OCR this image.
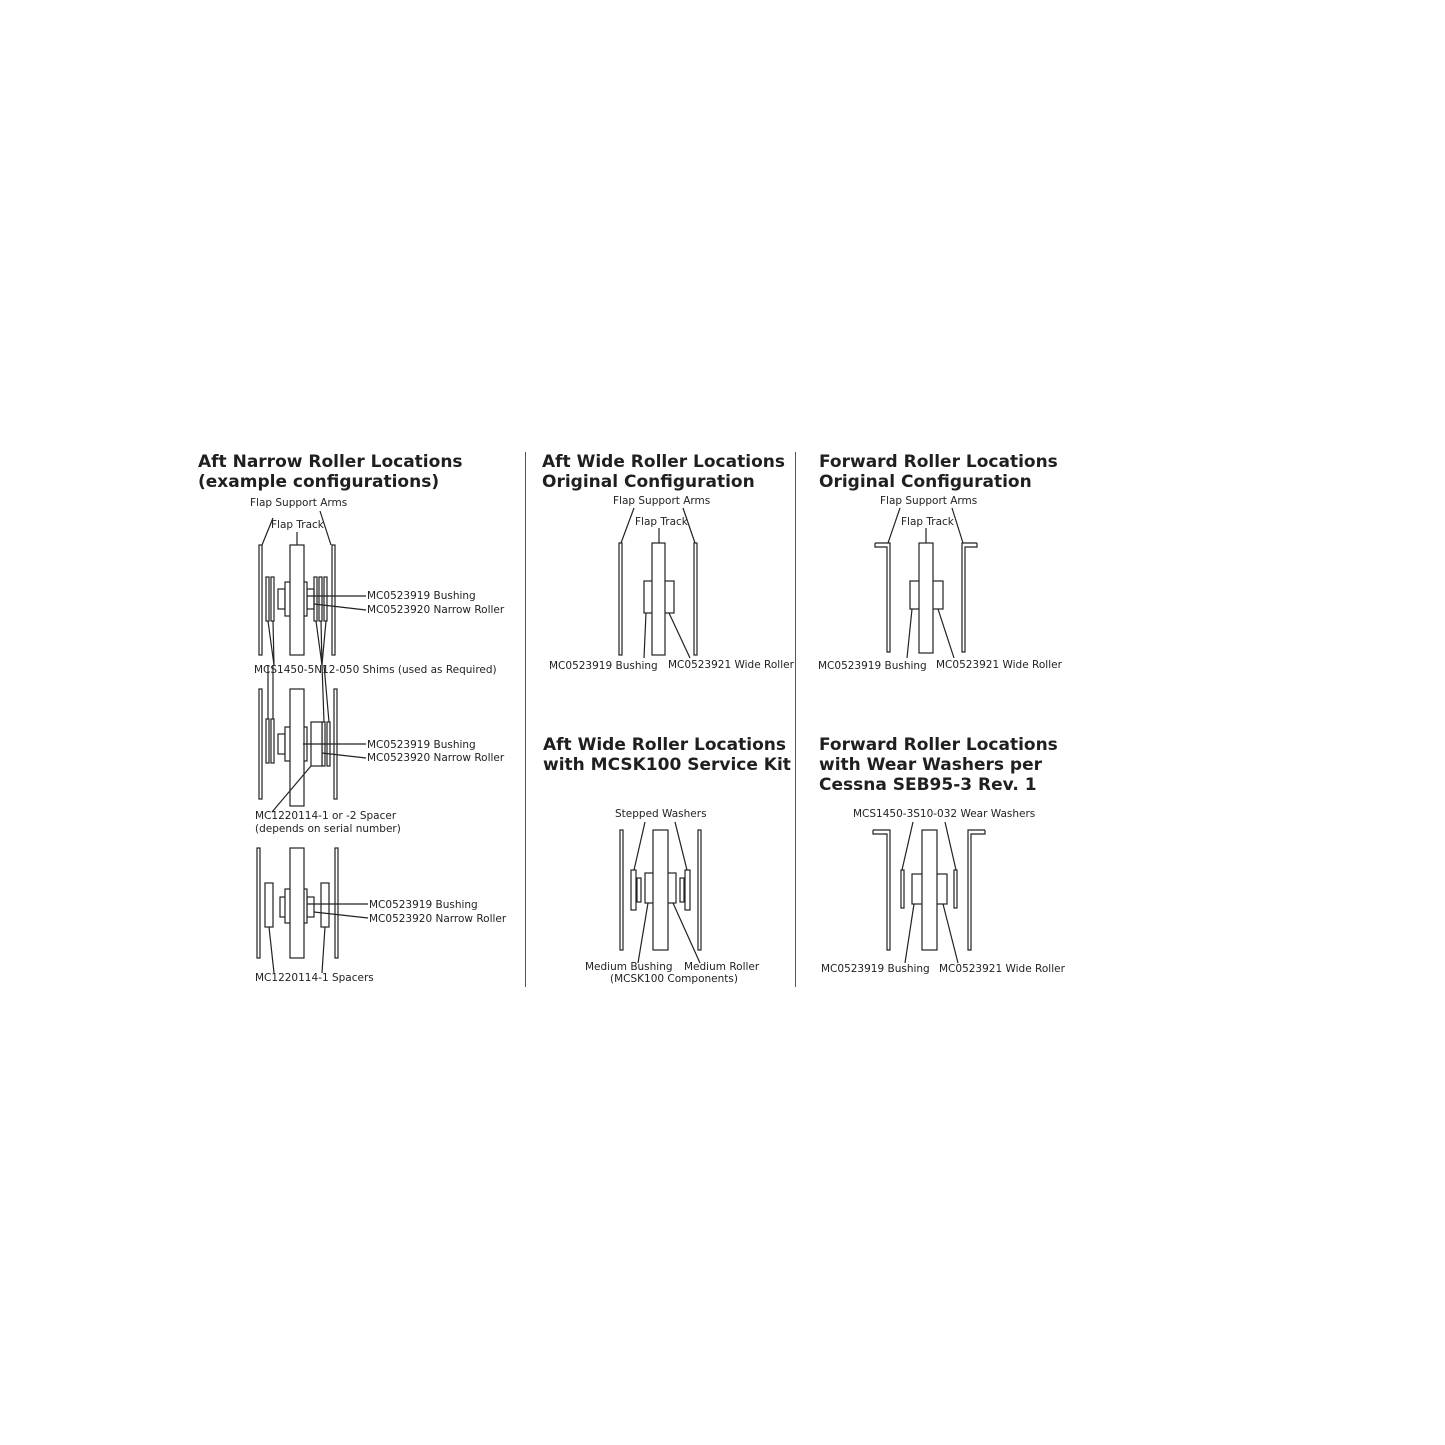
Aft Narrow Roller Locations
(example configurations)
Aft Wide Roller Locations
Original Configuration
Forward Roller Locations
Original Configuration
Aft Wide Roller Locations
with MCSK100 Service Kit
Forward Roller Locations
with Wear Washers per
Cessna SEB95-3 Rev. 1
Flap Support Arms
Flap Track
MC0523919 Bushing
MC0523920 Narrow Roller
MCS1450-5N12-050 Shims (used as Required)
MC0523919 Bushing
MC0523920 Narrow Roller
MC1220114-1 or -2 Spacer
(depends on serial number)
MC0523919 Bushing
MC0523920 Narrow Roller
MC1220114-1 Spacers
Flap Support Arms
Flap Track
MC0523919 Bushing MC0523921 Wide Roller
Flap Support Arms
Flap Track
MC0523919 Bushing MC0523921 Wide Roller
Stepped Washers
Medium Bushing Medium Roller
(MCSK100 Components)
MCS1450-3S10-032 Wear Washers
MC0523919 Bushing MC0523921 Wide Roller
